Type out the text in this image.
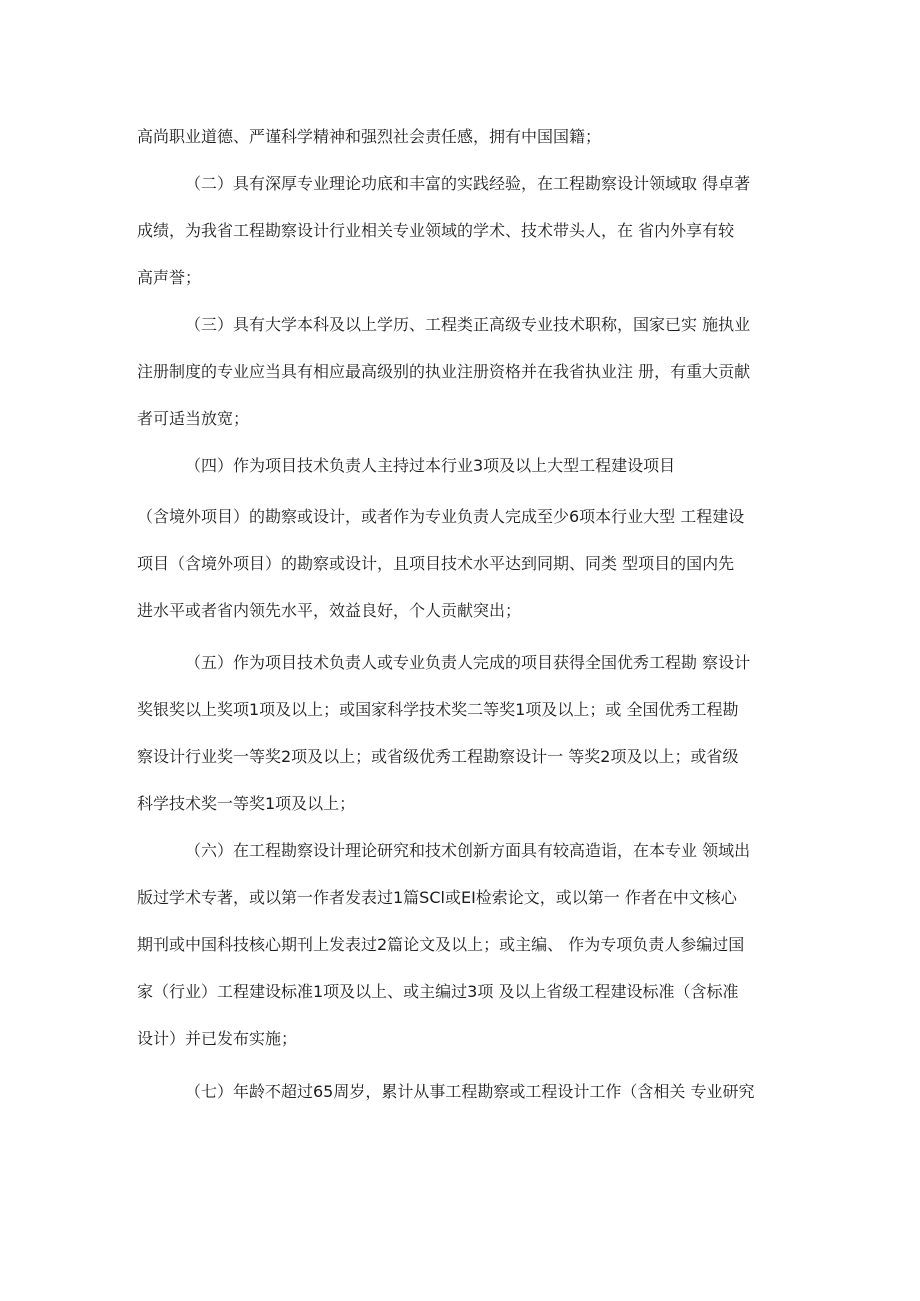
高尚职业道德、严谨科学精神和强烈社会责任感，拥有中国国籍；
（二）具有深厚专业理论功底和丰富的实践经验，在工程勘察设计领域取 得卓著
成绩，为我省工程勘察设计行业相关专业领域的学术、技术带头人，在 省内外享有较
高声誉；
（三）具有大学本科及以上学历、工程类正高级专业技术职称，国家已实 施执业
注册制度的专业应当具有相应最高级别的执业注册资格并在我省执业注 册，有重大贡献
者可适当放宽；
（四）作为项目技术负责人主持过本行业3项及以上大型工程建设项目
（含境外项目）的勘察或设计，或者作为专业负责人完成至少6项本行业大型 工程建设
项目（含境外项目）的勘察或设计，且项目技术水平达到同期、同类 型项目的国内先
进水平或者省内领先水平，效益良好，个人贡献突出；
（五）作为项目技术负责人或专业负责人完成的项目获得全国优秀工程勘 察设计
奖银奖以上奖项1项及以上；或国家科学技术奖二等奖1项及以上；或 全国优秀工程勘
察设计行业奖一等奖2项及以上；或省级优秀工程勘察设计一 等奖2项及以上；或省级
科学技术奖一等奖1项及以上；
（六）在工程勘察设计理论研究和技术创新方面具有较高造诣，在本专业 领域出
版过学术专著，或以第一作者发表过1篇SCl或EI检索论文，或以第一 作者在中文核心
期刊或中国科技核心期刊上发表过2篇论文及以上；或主编、 作为专项负责人参编过国
家（行业）工程建设标准1项及以上、或主编过3项 及以上省级工程建设标准（含标准
设计）并已发布实施；
（七）年龄不超过65周岁，累计从事工程勘察或工程设计工作（含相关 专业研究
